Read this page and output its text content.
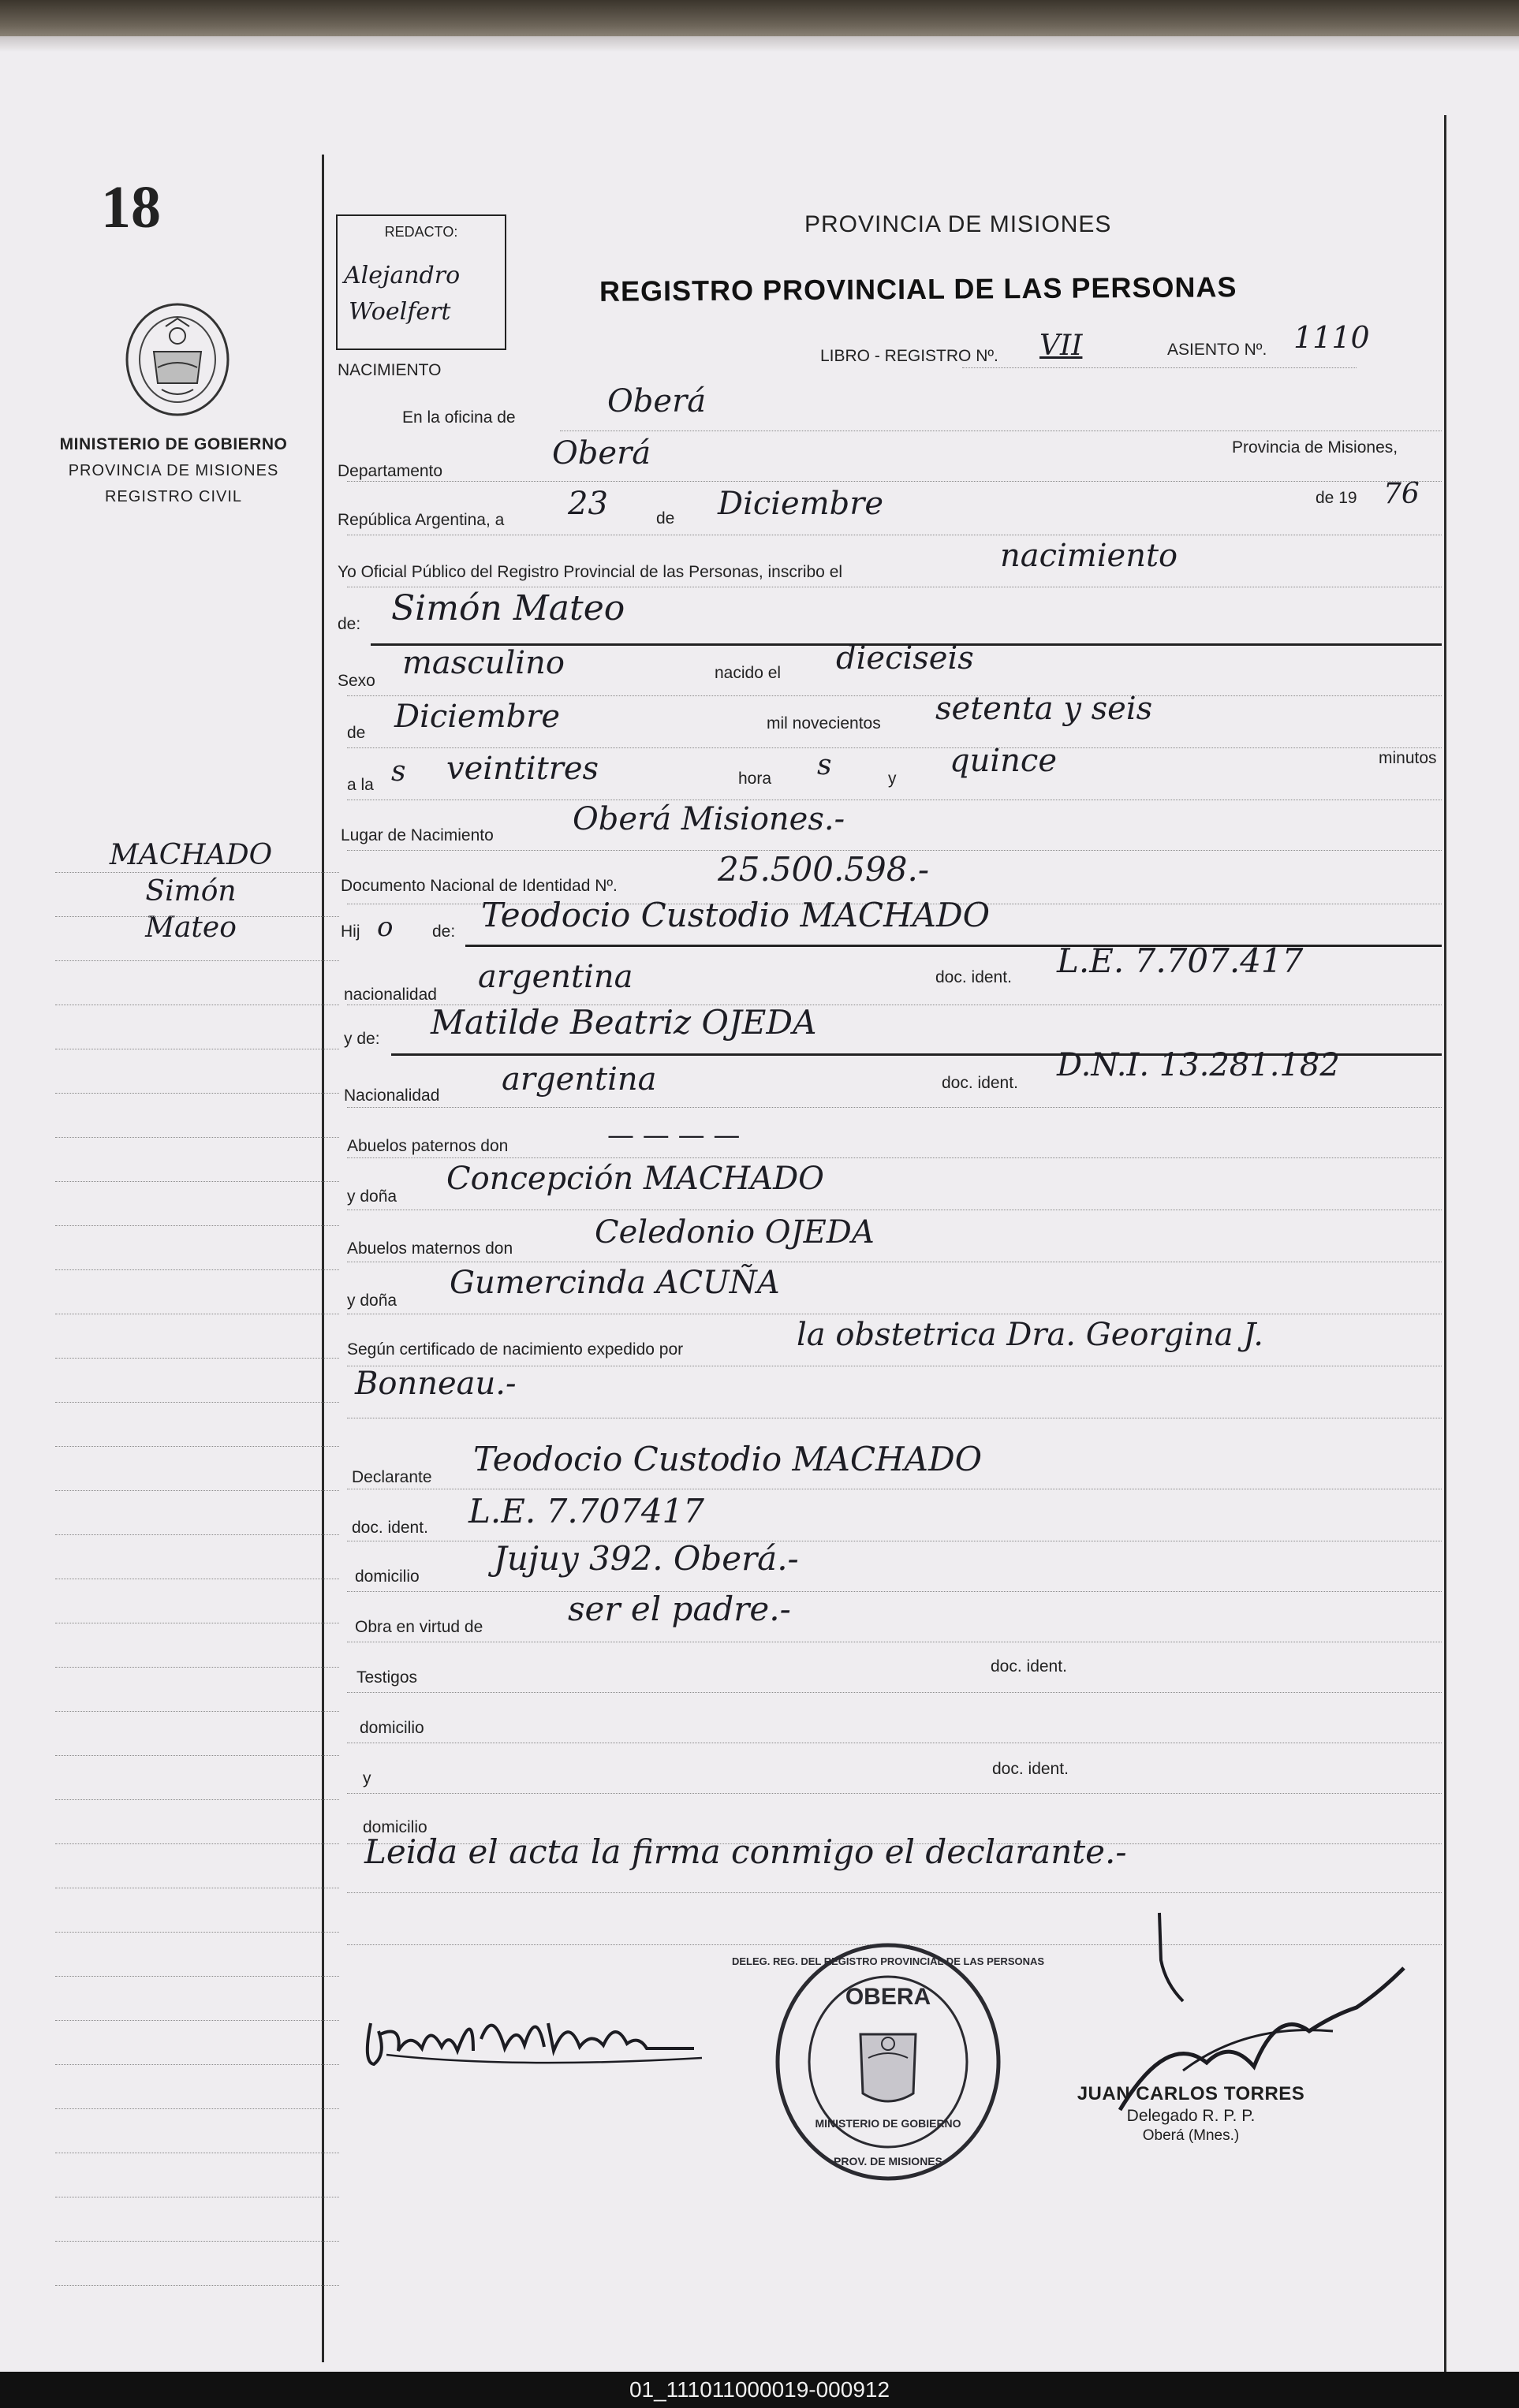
18
MINISTERIO DE GOBIERNO
PROVINCIA DE MISIONES
REGISTRO CIVIL
MACHADO
Simón
Mateo
REDACTO:
Alejandro
Woelfert
PROVINCIA DE MISIONES
REGISTRO PROVINCIAL DE LAS PERSONAS
NACIMIENTO
LIBRO - REGISTRO Nº. VII	ASIENTO Nº. 1110
En la oficina de	Oberá
Departamento	Oberá	Provincia de Misiones,
República Argentina, a 23	de Diciembre	de 19 76
Yo Oficial Público del Registro Provincial de las Personas, inscribo el	nacimiento
de: Simón Mateo
Sexo masculino	nacido el dieciseis
de Diciembre	mil novecientos setenta y seis
a la s veintitres	hora s	y quince	minutos
Lugar de Nacimiento	Oberá Misiones.-
Documento Nacional de Identidad Nº.	25.500.598.-
Hij o de: Teodocio Custodio MACHADO
nacionalidad argentina	doc. ident. L.E. 7.707.417
y de: Matilde Beatriz OJEDA
Nacionalidad argentina	doc. ident. D.N.I. 13.281.182
Abuelos paternos don	— — — —
y doña Concepción MACHADO
Abuelos maternos don	Celedonio OJEDA
y doña Gumercinda ACUÑA
Según certificado de nacimiento expedido por	la obstetrica Dra. Georgina J.
Bonneau.-
Declarante Teodocio Custodio MACHADO
doc. ident. L.E. 7.707417
domicilio Jujuy 392. Oberá.-
Obra en virtud de	ser el padre.-
Testigos
doc. ident.
domicilio
y
doc. ident.
domicilio
Leida el acta la firma conmigo el declarante.-
OBERA
DELEG. REG. DEL REGISTRO PROVINCIAL DE LAS PERSONAS
MINISTERIO DE GOBIERNO
PROV. DE MISIONES
JUAN CARLOS TORRES
Delegado R. P. P.
Oberá (Mnes.)
01_111011000019-000912
